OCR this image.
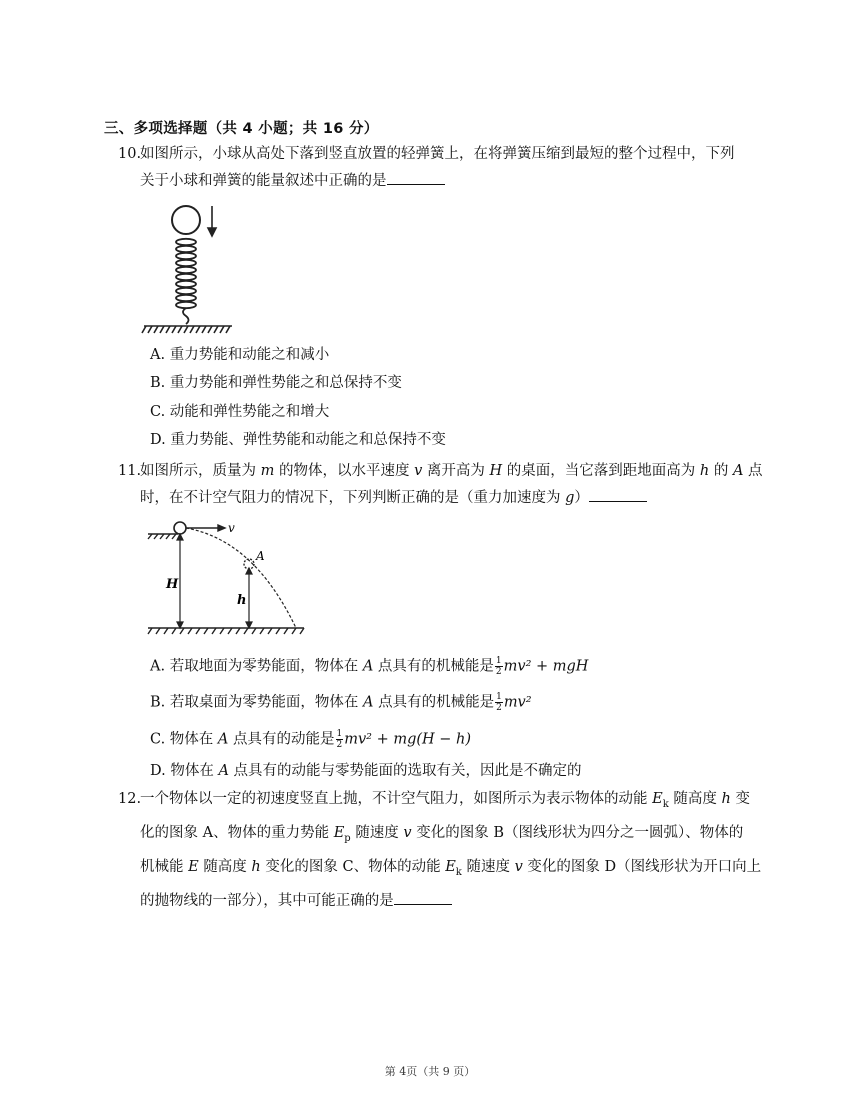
三、多项选择题（共 4 小题；共 16 分）
10.如图所示，小球从高处下落到竖直放置的轻弹簧上，在将弹簧压缩到最短的整个过程中，下列
关于小球和弹簧的能量叙述中正确的是
A. 重力势能和动能之和减小
B. 重力势能和弹性势能之和总保持不变
C. 动能和弹性势能之和增大
D. 重力势能、弹性势能和动能之和总保持不变
11.如图所示，质量为 m 的物体，以水平速度 v 离开高为 H 的桌面，当它落到距地面高为 h 的 A 点
时，在不计空气阻力的情况下，下列判断正确的是（重力加速度为 g）
v
A
H
h
A. 若取地面为零势能面，物体在 A 点具有的机械能是 $\frac{1}{2} mv^2$ + mgH
B. 若取桌面为零势能面，物体在 A 点具有的机械能是 $\frac{1}{2} mv^2$
C. 物体在 A 点具有的动能是 $\frac{1}{2} mv^2 + mg(H - h)$
D. 物体在 A 点具有的动能与零势能面的选取有关，因此是不确定的
12.一个物体以一定的初速度竖直上抛，不计空气阻力，如图所示为表示物体的动能 $E_k$ 随高度 h 变
化的图象 A、物体的重力势能 $E_p$ 随速度 v 变化的图象 B（图线形状为四分之一圆弧）、物体的
机械能 E 随高度 h 变化的图象 C、物体的动能 $E_k$ 随速度 v 变化的图象 D（图线形状为开口向上
的抛物线的一部分），其中可能正确的是
第 4页（共 9 页）
